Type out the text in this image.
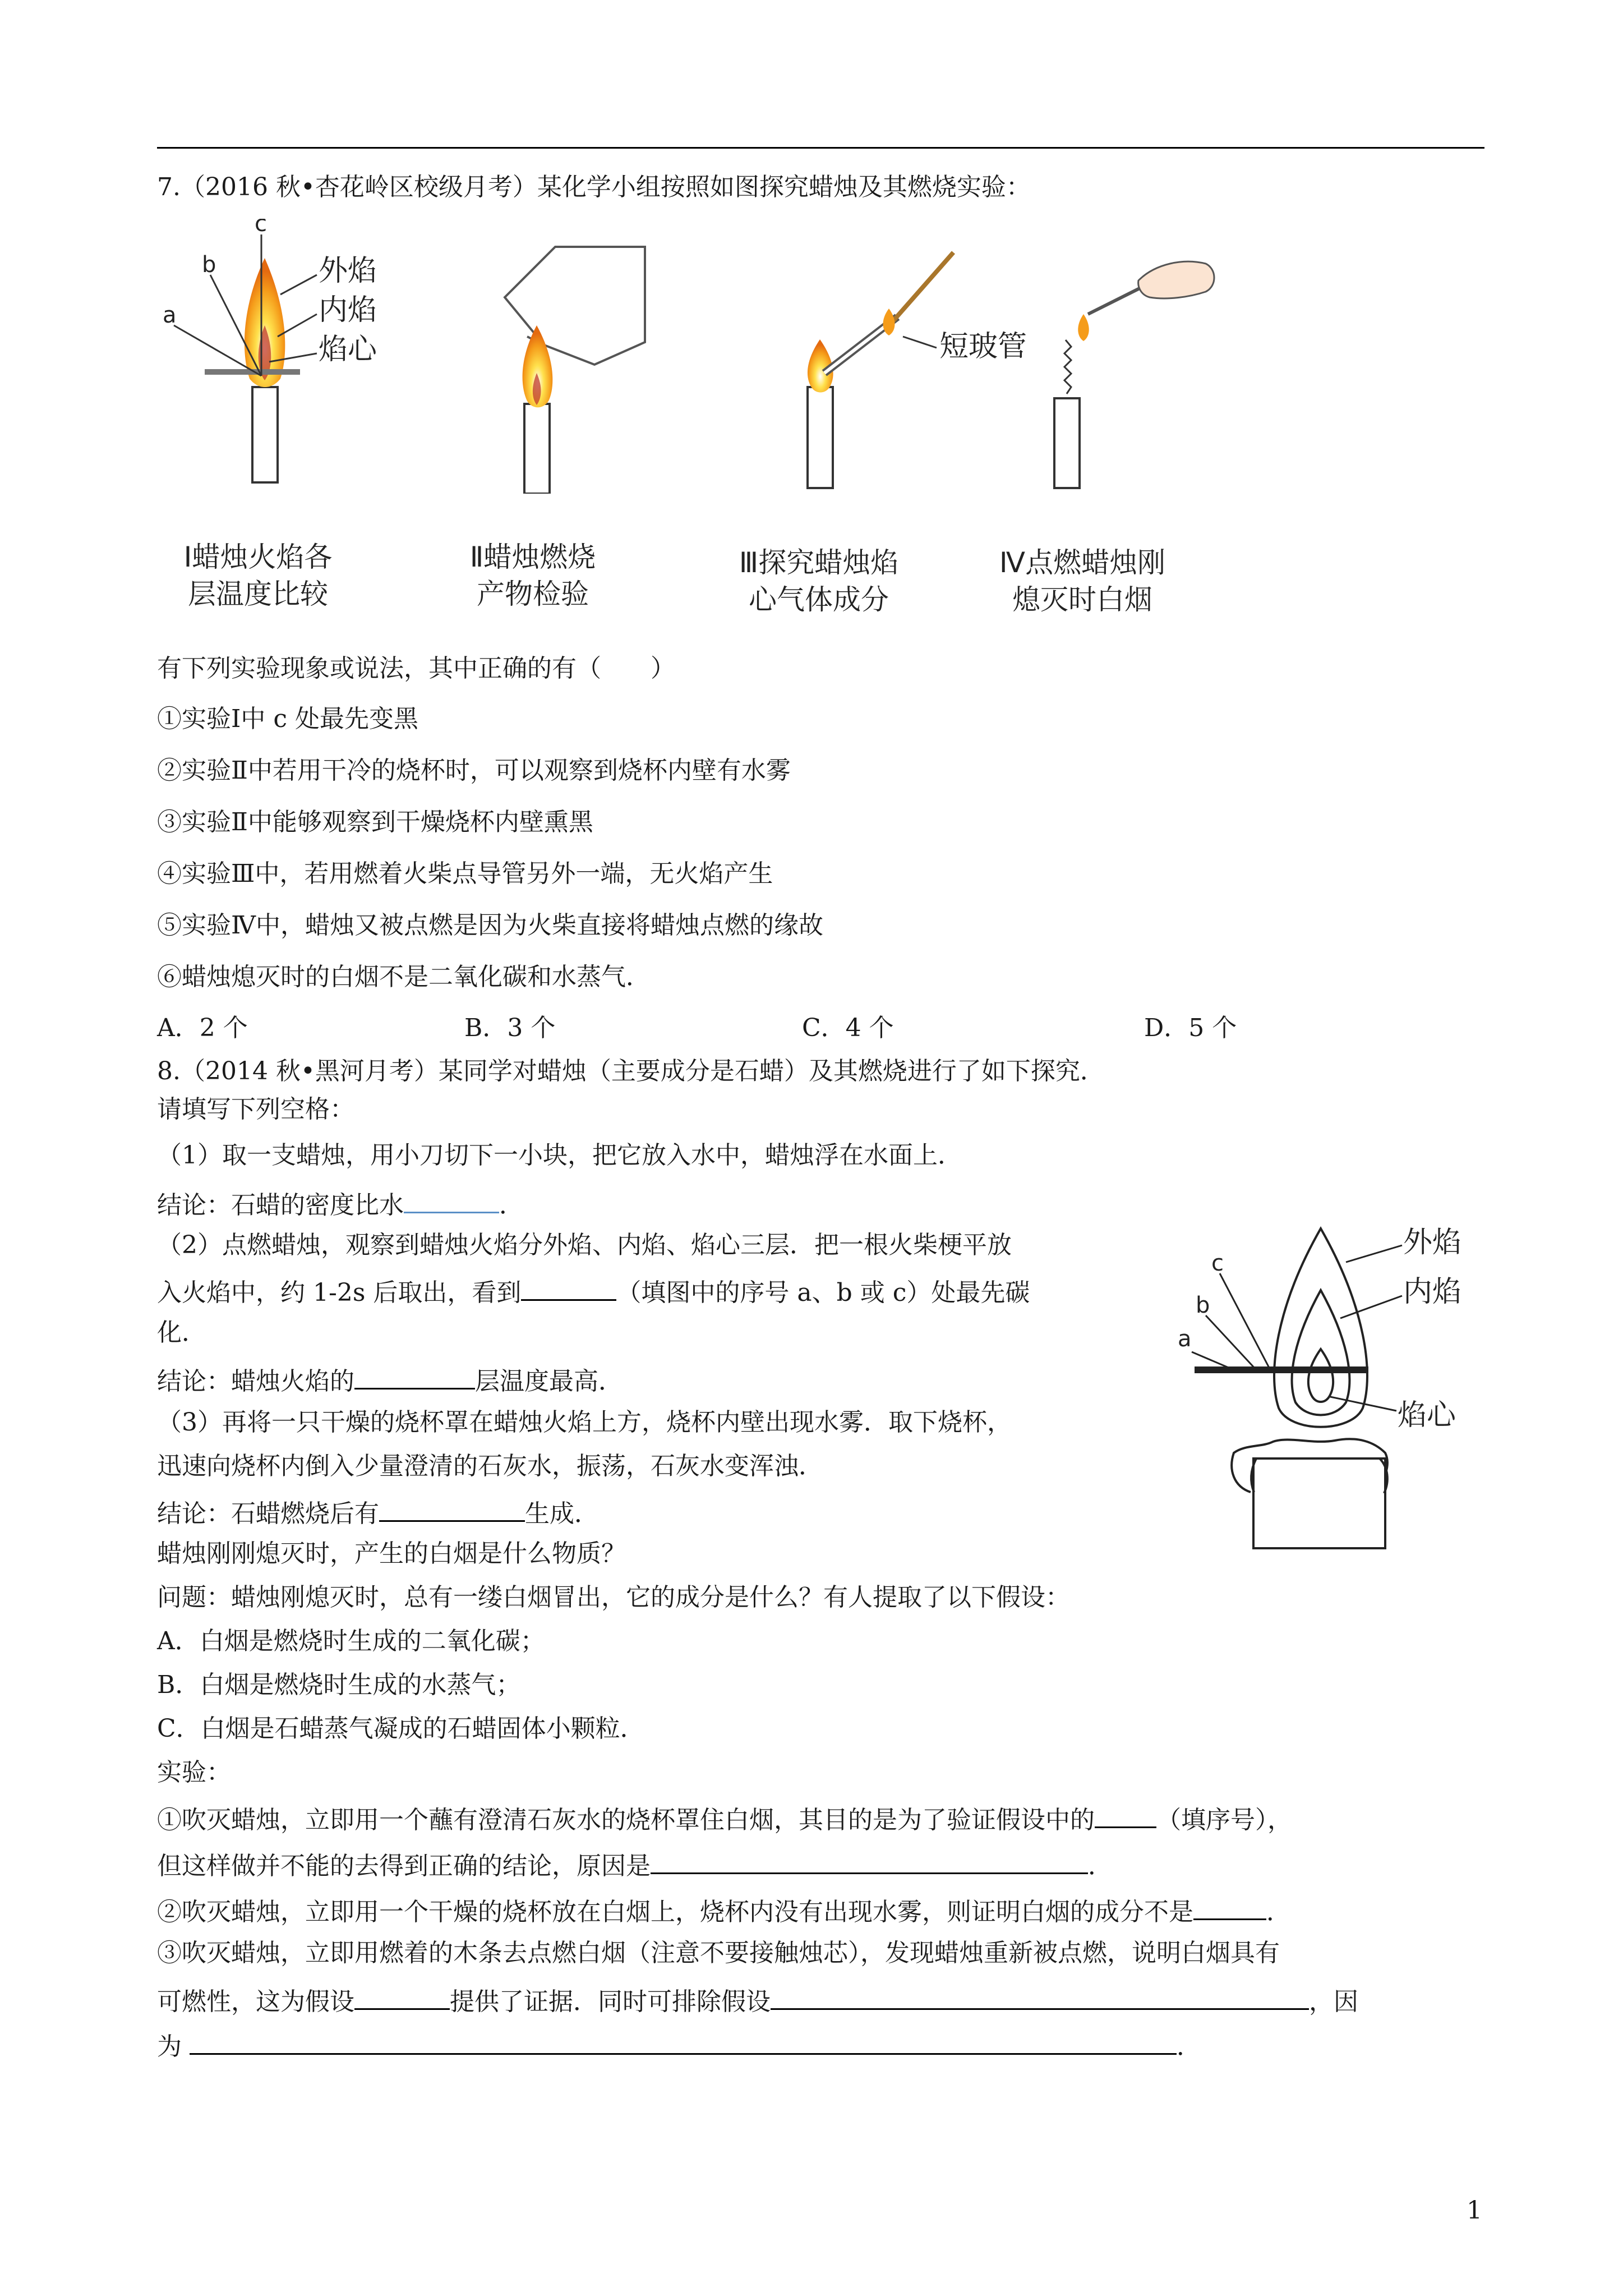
7.（2016 秋•杏花岭区校级月考）某化学小组按照如图探究蜡烛及其燃烧实验：
c
b
a
外焰
内焰
焰心	短玻管
Ⅰ蜡烛火焰各
层温度比较
Ⅱ蜡烛燃烧
产物检验
Ⅲ探究蜡烛焰
心气体成分
Ⅳ点燃蜡烛刚
熄灭时白烟
有下列实验现象或说法，其中正确的有（　　）
①实验Ⅰ中 c 处最先变黑
②实验Ⅱ中若用干冷的烧杯时，可以观察到烧杯内壁有水雾
③实验Ⅱ中能够观察到干燥烧杯内壁熏黑
④实验Ⅲ中，若用燃着火柴点导管另外一端，无火焰产生
⑤实验Ⅳ中，蜡烛又被点燃是因为火柴直接将蜡烛点燃的缘故
⑥蜡烛熄灭时的白烟不是二氧化碳和水蒸气．
A．2 个	B．3 个	C．4 个	D．5 个
8.（2014 秋•黑河月考）某同学对蜡烛（主要成分是石蜡）及其燃烧进行了如下探究．
请填写下列空格：
（1）取一支蜡烛，用小刀切下一小块，把它放入水中，蜡烛浮在水面上．
结论：石蜡的密度比水	．
（2）点燃蜡烛，观察到蜡烛火焰分外焰、内焰、焰心三层．把一根火柴梗平放
入火焰中，约 1-2s 后取出，看到	（填图中的序号 a、b 或 c）处最先碳
化．
结论：蜡烛火焰的	层温度最高．
（3）再将一只干燥的烧杯罩在蜡烛火焰上方，烧杯内壁出现水雾．取下烧杯，
迅速向烧杯内倒入少量澄清的石灰水，振荡，石灰水变浑浊．
结论：石蜡燃烧后有	生成．
蜡烛刚刚熄灭时，产生的白烟是什么物质？
问题：蜡烛刚熄灭时，总有一缕白烟冒出，它的成分是什么？有人提取了以下假设：
A．白烟是燃烧时生成的二氧化碳；
B．白烟是燃烧时生成的水蒸气；
C．白烟是石蜡蒸气凝成的石蜡固体小颗粒．
实验：
①吹灭蜡烛，立即用一个蘸有澄清石灰水的烧杯罩住白烟，其目的是为了验证假设中的	（填序号），
但这样做并不能的去得到正确的结论，原因是	．
②吹灭蜡烛，立即用一个干燥的烧杯放在白烟上，烧杯内没有出现水雾，则证明白烟的成分不是	．
③吹灭蜡烛，立即用燃着的木条去点燃白烟（注意不要接触烛芯），发现蜡烛重新被点燃，说明白烟具有
可燃性，这为假设	提供了证据．同时可排除假设	，因
为	．
c
b
a
外焰
内焰
焰心
1
